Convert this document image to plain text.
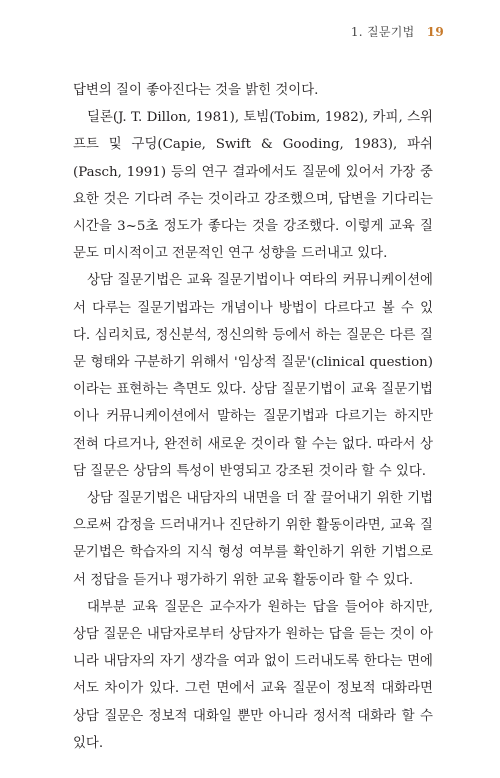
1. 질문기법 19

답변의 질이 좋아진다는 것을 밝힌 것이다.

딜론(J. T. Dillon, 1981), 토빔(Tobim, 1982), 카피, 스위프트 및 구딩(Capie, Swift & Gooding, 1983), 파쉬(Pasch, 1991) 등의 연구 결과에서도 질문에 있어서 가장 중요한 것은 기다려 주는 것이라고 강조했으며, 답변을 기다리는 시간을 3~5초 정도가 좋다는 것을 강조했다. 이렇게 교육 질문도 미시적이고 전문적인 연구 성향을 드러내고 있다.

상담 질문기법은 교육 질문기법이나 여타의 커뮤니케이션에서 다루는 질문기법과는 개념이나 방법이 다르다고 볼 수 있다. 심리치료, 정신분석, 정신의학 등에서 하는 질문은 다른 질문 형태와 구분하기 위해서 '임상적 질문'(clinical question)이라는 표현하는 측면도 있다. 상담 질문기법이 교육 질문기법이나 커뮤니케이션에서 말하는 질문기법과 다르기는 하지만 전혀 다르거나, 완전히 새로운 것이라 할 수는 없다. 따라서 상담 질문은 상담의 특성이 반영되고 강조된 것이라 할 수 있다.

상담 질문기법은 내담자의 내면을 더 잘 끌어내기 위한 기법으로써 감정을 드러내거나 진단하기 위한 활동이라면, 교육 질문기법은 학습자의 지식 형성 여부를 확인하기 위한 기법으로서 정답을 듣거나 평가하기 위한 교육 활동이라 할 수 있다.

대부분 교육 질문은 교수자가 원하는 답을 들어야 하지만, 상담 질문은 내담자로부터 상담자가 원하는 답을 듣는 것이 아니라 내담자의 자기 생각을 여과 없이 드러내도록 한다는 면에서도 차이가 있다. 그런 면에서 교육 질문이 정보적 대화라면 상담 질문은 정보적 대화일 뿐만 아니라 정서적 대화라 할 수 있다.
